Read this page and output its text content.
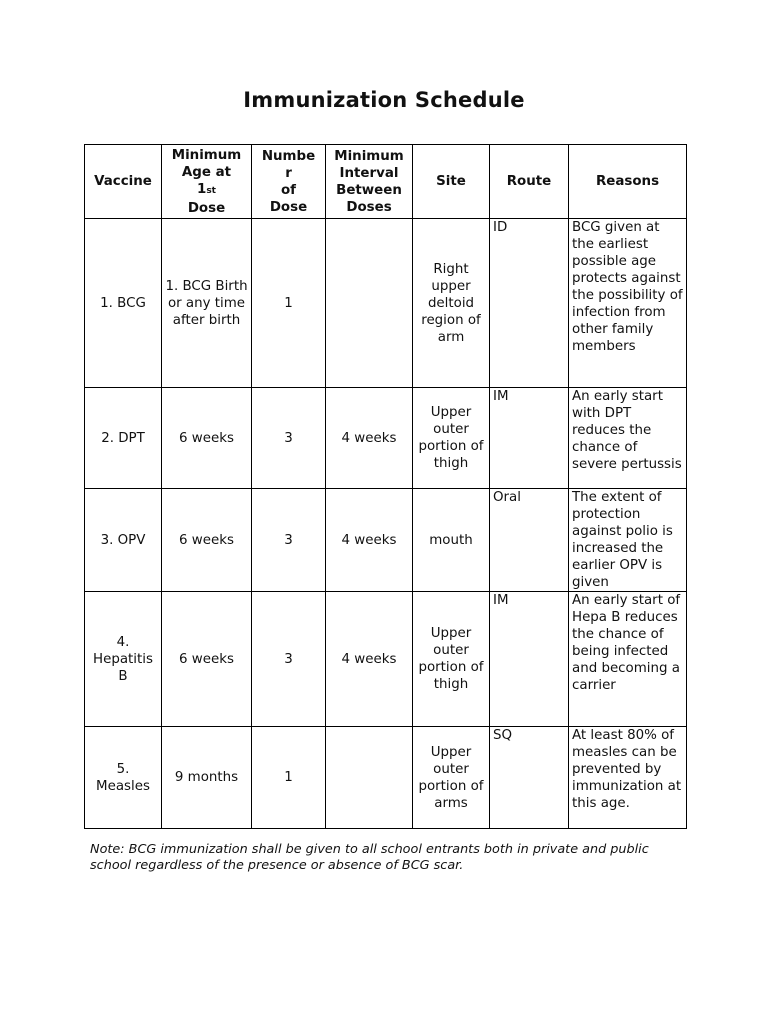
Immunization Schedule
Vaccine	Minimum
Age at
1st
Dose	Numbe
r
of
Dose	Minimum
Interval
Between
Doses	Site	Route	Reasons
1. BCG	1. BCG Birth or any time after birth	1		Right upper deltoid region of arm	ID	BCG given at the earliest possible age protects against the possibility of infection from other family members
2. DPT	6 weeks	3	4 weeks	Upper outer portion of thigh	IM	An early start with DPT reduces the chance of severe pertussis
3. OPV	6 weeks	3	4 weeks	mouth	Oral	The extent of protection against polio is increased the earlier OPV is given
4. Hepatitis B	6 weeks	3	4 weeks	Upper outer portion of thigh	IM	An early start of Hepa B reduces the chance of being infected and becoming a carrier
5. Measles	9 months	1		Upper outer portion of arms	SQ	At least 80% of measles can be prevented by immunization at this age.
Note: BCG immunization shall be given to all school entrants both in private and public school regardless of the presence or absence of BCG scar.
